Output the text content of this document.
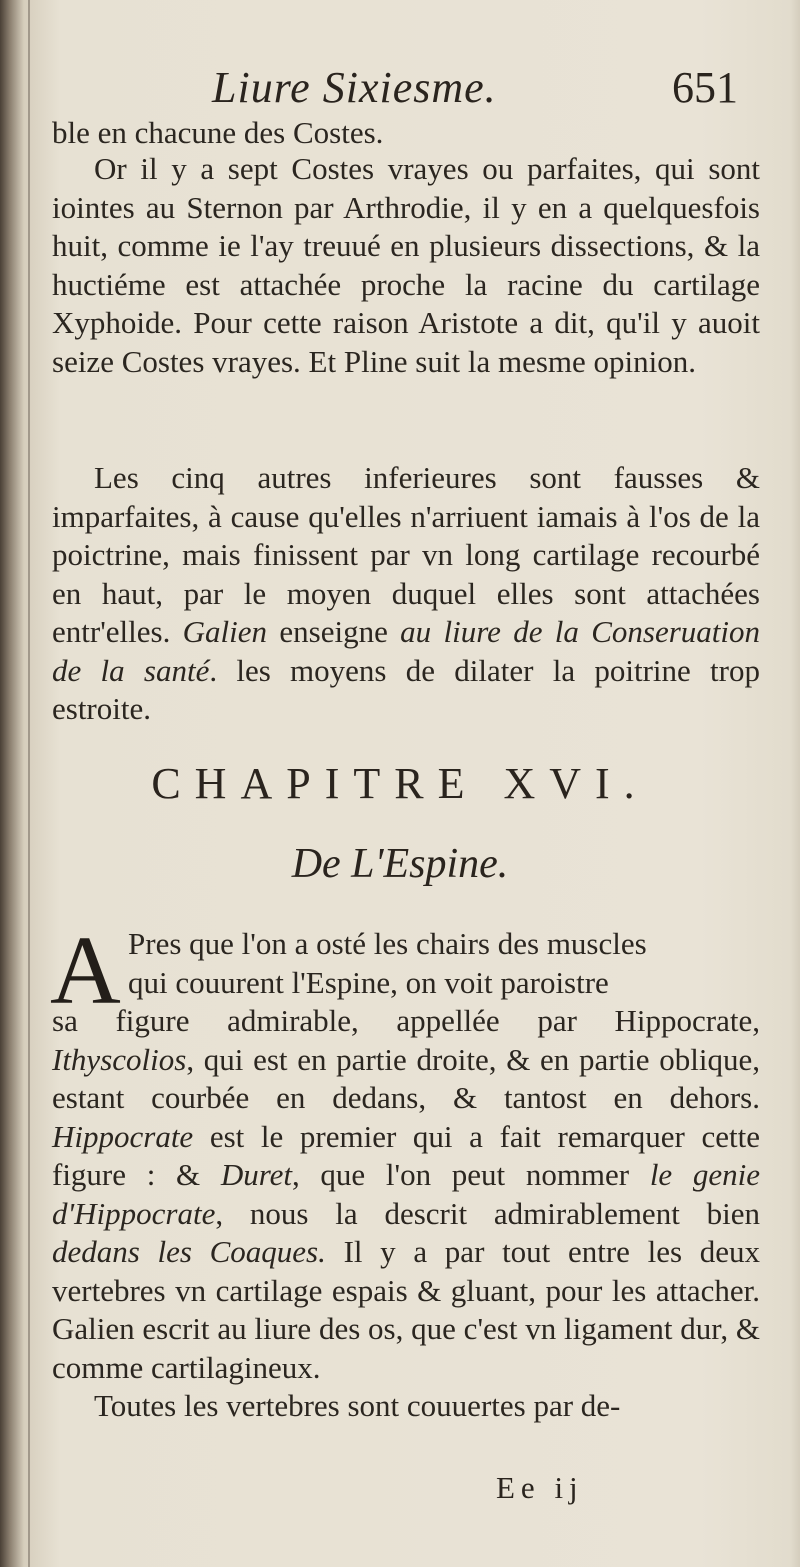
Liure Sixiesme.	651

ble en chacune des Costes.

Or il y a sept Costes vrayes ou parfaites, qui sont iointes au Sternon par Arthrodie, il y en a quelquesfois huit, comme ie l'ay treuué en plusieurs dissections, & la huctiéme est attachée proche la racine du cartilage Xyphoide. Pour cette raison Aristote a dit, qu'il y auoit seize Costes vrayes. Et Pline suit la mesme opinion.

Les cinq autres inferieures sont fausses & imparfaites, à cause qu'elles n'arriuent iamais à l'os de la poictrine, mais finissent par vn long cartilage recourbé en haut, par le moyen duquel elles sont attachées entr'elles. Galien enseigne au liure de la Conseruation de la santé. les moyens de dilater la poitrine trop estroite.

CHAPITRE XVI.
De L'Espine.
A Pres que l'on a osté les chairs des muscles

qui couurent l'Espine, on voit paroistre

sa figure admirable, appellée par Hippocrate, Ithyscolios, qui est en partie droite, & en partie oblique, estant courbée en dedans, & tantost en dehors. Hippocrate est le premier qui a fait remarquer cette figure : & Duret, que l'on peut nommer le genie d'Hippocrate, nous la descrit admirablement bien dedans les Coaques. Il y a par tout entre les deux vertebres vn cartilage espais & gluant, pour les attacher. Galien escrit au liure des os, que c'est vn ligament dur, & comme cartilagineux.

Toutes les vertebres sont couuertes par de-

Ee ij
